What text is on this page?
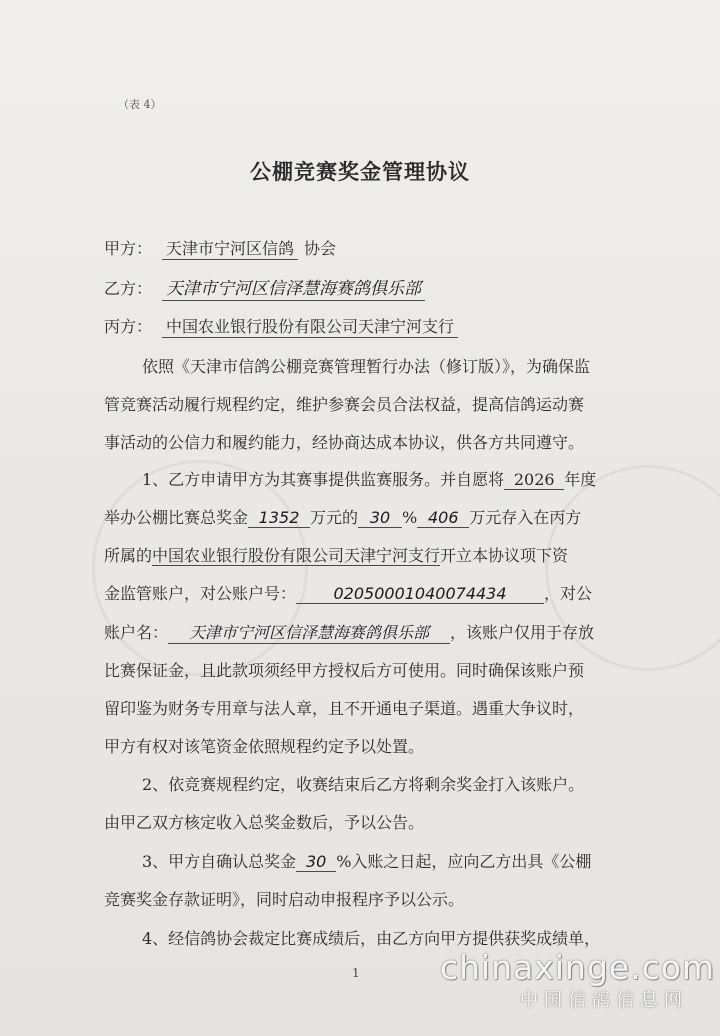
（表 4）
公棚竞赛奖金管理协议
甲方： 天津市宁河区信鸽 协会
乙方： 天津市宁河区信泽慧海赛鸽俱乐部
丙方： 中国农业银行股份有限公司天津宁河支行
依照《天津市信鸽公棚竞赛管理暂行办法（修订版）》，为确保监
管竞赛活动履行规程约定，维护参赛会员合法权益，提高信鸽运动赛
事活动的公信力和履约能力，经协商达成本协议，供各方共同遵守。
1、乙方申请甲方为其赛事提供监赛服务。并自愿将 2026 年度
举办公棚比赛总奖金 1352 万元的 30 % 406 万元存入在丙方
所属的中国农业银行股份有限公司天津宁河支行开立本协议项下资
金监管账户，对公账户号： 02050001040074434 ，对公
账户名： 天津市宁河区信泽慧海赛鸽俱乐部 ，该账户仅用于存放
比赛保证金，且此款项须经甲方授权后方可使用。同时确保该账户预
留印鉴为财务专用章与法人章，且不开通电子渠道。遇重大争议时，
甲方有权对该笔资金依照规程约定予以处置。
2、依竞赛规程约定，收赛结束后乙方将剩余奖金打入该账户。
由甲乙双方核定收入总奖金数后，予以公告。
3、甲方自确认总奖金 30 %入账之日起，应向乙方出具《公棚
竞赛奖金存款证明》，同时启动申报程序予以公示。
4、经信鸽协会裁定比赛成绩后，由乙方向甲方提供获奖成绩单，
1 chinaxinge.com
中国信鸽信息网
